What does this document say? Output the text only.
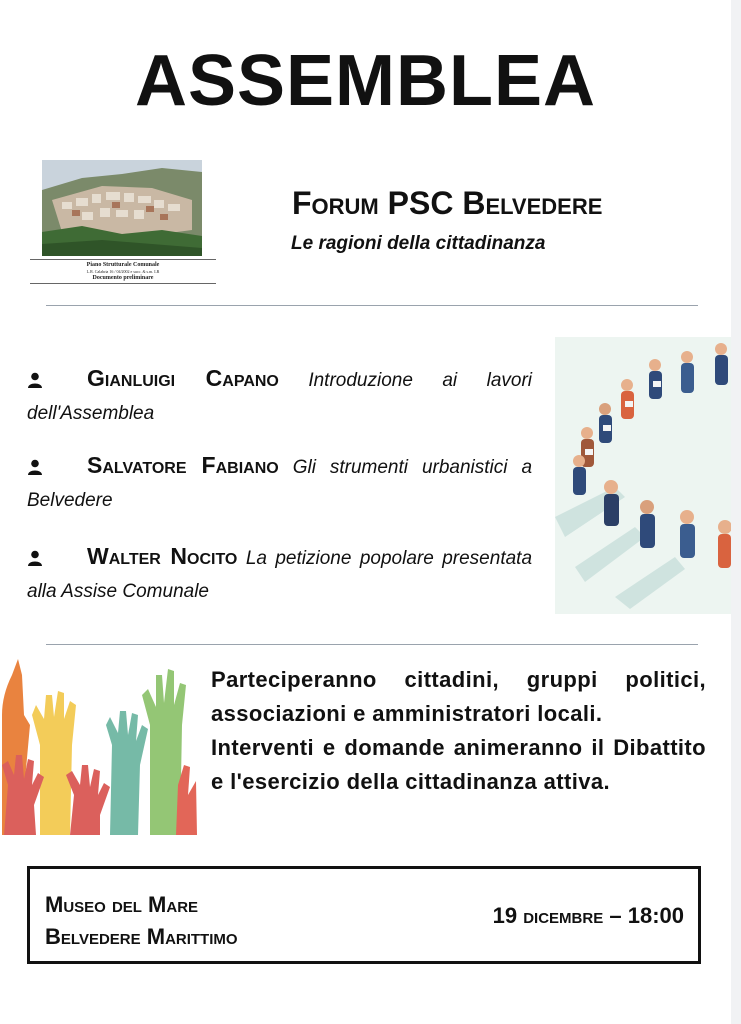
ASSEMBLEA
Piano Strutturale Comunale
L.R. Calabria 16 / 04/2002 e succ. & s.m. LR
Documento preliminare
Forum PSC Belvedere
Le ragioni della cittadinanza
Gianluigi Capano Introduzione ai lavori dell'Assemblea
Salvatore Fabiano Gli strumenti urbanistici a Belvedere
Walter Nocito La petizione popolare presentata alla Assise Comunale

Parteciperanno cittadini, gruppi politici, associazioni e amministratori locali.

Interventi e domande animeranno il Dibattito e l'esercizio della cittadinanza attiva.

Museo del Mare
Belvedere Marittimo
19 dicembre – 18:00
